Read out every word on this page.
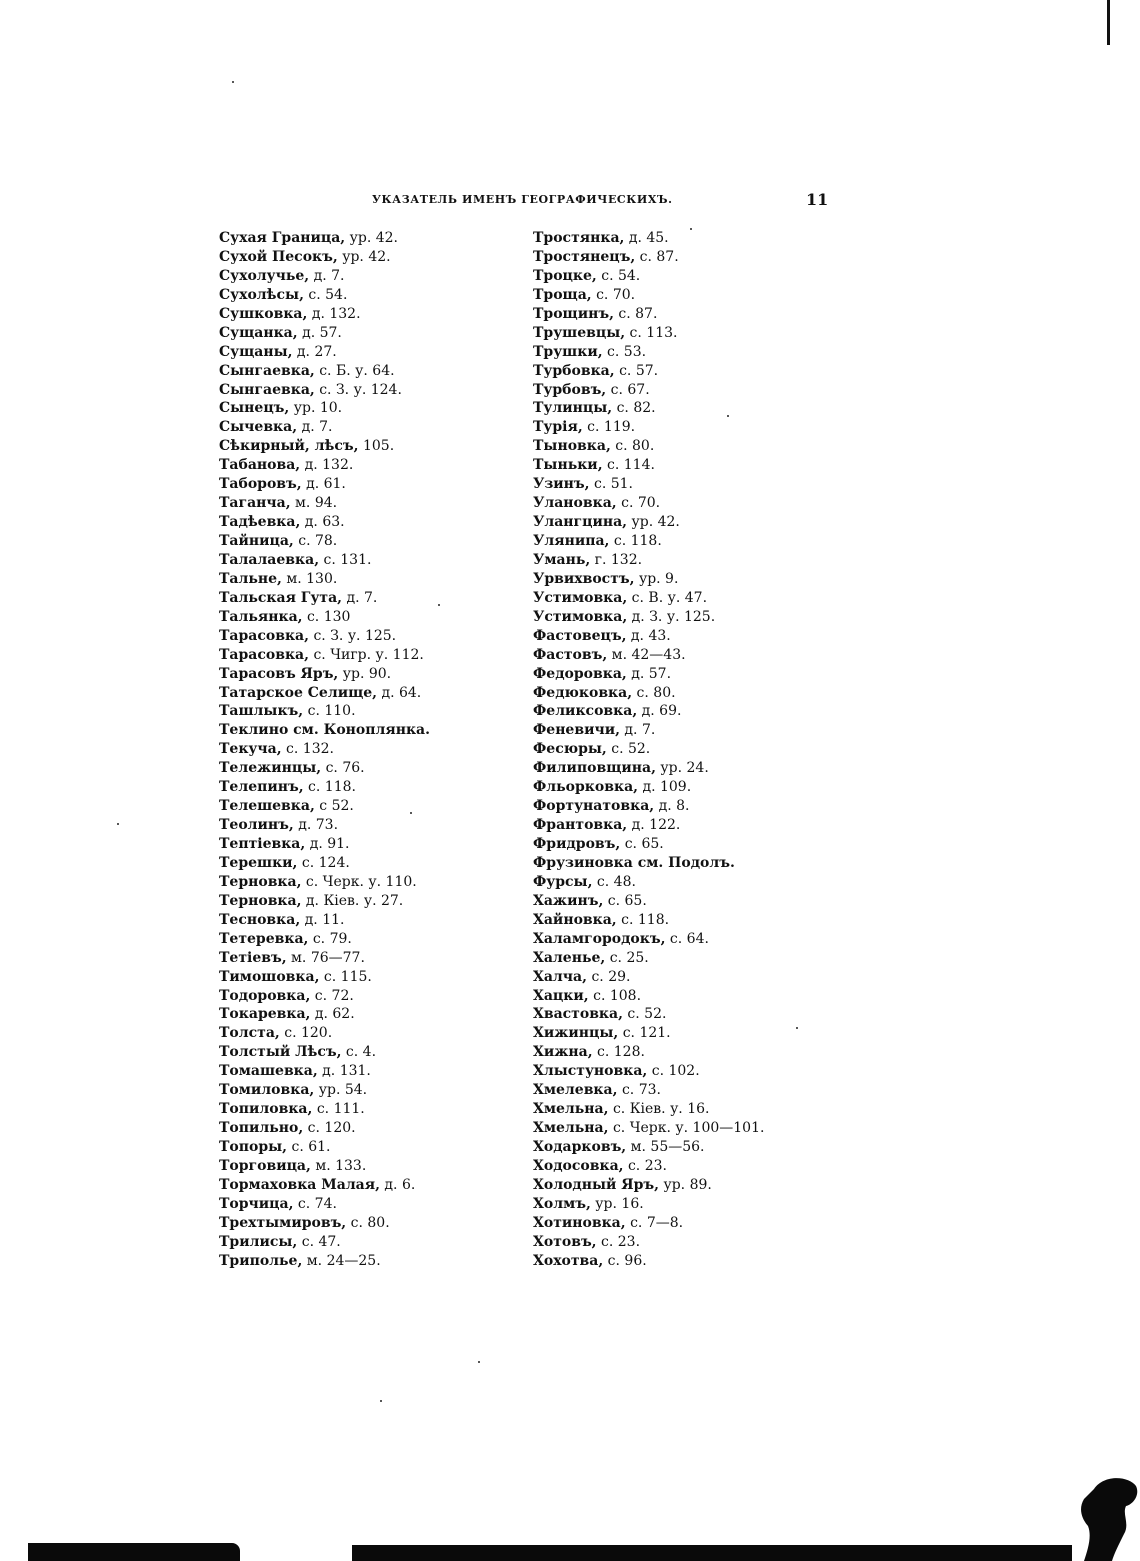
УКАЗАТЕЛЬ ИМЕНЪ ГЕОГРАФИЧЕСКИХЪ.	11
Сухая Граница, ур. 42.
Сухой Песокъ, ур. 42.
Сухолучье, д. 7.
Сухолѣсы, с. 54.
Сушковка, д. 132.
Сущанка, д. 57.
Сущаны, д. 27.
Сынгаевка, с. Б. у. 64.
Сынгаевка, с. З. у. 124.
Сынецъ, ур. 10.
Сычевка, д. 7.
Сѣкирный, лѣсъ, 105.
Табанова, д. 132.
Таборовъ, д. 61.
Таганча, м. 94.
Тадѣевка, д. 63.
Тайница, с. 78.
Талалаевка, с. 131.
Тальне, м. 130.
Тальская Гута, д. 7.
Тальянка, с. 130
Тарасовка, с. З. у. 125.
Тарасовка, с. Чигр. у. 112.
Тарасовъ Яръ, ур. 90.
Татарское Селище, д. 64.
Ташлыкъ, с. 110.
Теклино см. Коноплянка.
Текуча, с. 132.
Тележинцы, с. 76.
Телепинъ, с. 118.
Телешевка, с 52.
Теолинъ, д. 73.
Тептіевка, д. 91.
Терешки, с. 124.
Терновка, с. Черк. у. 110.
Терновка, д. Кіев. у. 27.
Тесновка, д. 11.
Тетеревка, с. 79.
Тетіевъ, м. 76—77.
Тимошовка, с. 115.
Тодоровка, с. 72.
Токаревка, д. 62.
Толста, с. 120.
Толстый Лѣсъ, с. 4.
Томашевка, д. 131.
Томиловка, ур. 54.
Топиловка, с. 111.
Топильно, с. 120.
Топоры, с. 61.
Торговица, м. 133.
Тормаховка Малая, д. 6.
Торчица, с. 74.
Трехтымировъ, с. 80.
Трилисы, с. 47.
Триполье, м. 24—25.
Тростянка, д. 45.
Тростянецъ, с. 87.
Троцке, с. 54.
Троща, с. 70.
Трощинъ, с. 87.
Трушевцы, с. 113.
Трушки, с. 53.
Турбовка, с. 57.
Турбовъ, с. 67.
Тулинцы, с. 82.
Турія, с. 119.
Тыновка, с. 80.
Тыньки, с. 114.
Узинъ, с. 51.
Улановка, с. 70.
Улангцина, ур. 42.
Улянипа, с. 118.
Умань, г. 132.
Урвихвостъ, ур. 9.
Устимовка, с. В. у. 47.
Устимовка, д. З. у. 125.
Фастовецъ, д. 43.
Фастовъ, м. 42—43.
Федоровка, д. 57.
Федюковка, с. 80.
Феликсовка, д. 69.
Феневичи, д. 7.
Фесюры, с. 52.
Филиповщина, ур. 24.
Фльорковка, д. 109.
Фортунатовка, д. 8.
Франтовка, д. 122.
Фридровъ, с. 65.
Фрузиновка см. Подолъ.
Фурсы, с. 48.
Хажинъ, с. 65.
Хайновка, с. 118.
Халамгородокъ, с. 64.
Халенье, с. 25.
Халча, с. 29.
Хацки, с. 108.
Хвастовка, с. 52.
Хижинцы, с. 121.
Хижна, с. 128.
Хлыстуновка, с. 102.
Хмелевка, с. 73.
Хмельна, с. Кіев. у. 16.
Хмельна, с. Черк. у. 100—101.
Ходарковъ, м. 55—56.
Ходосовка, с. 23.
Холодный Яръ, ур. 89.
Холмъ, ур. 16.
Хотиновка, с. 7—8.
Хотовъ, с. 23.
Хохотва, с. 96.
